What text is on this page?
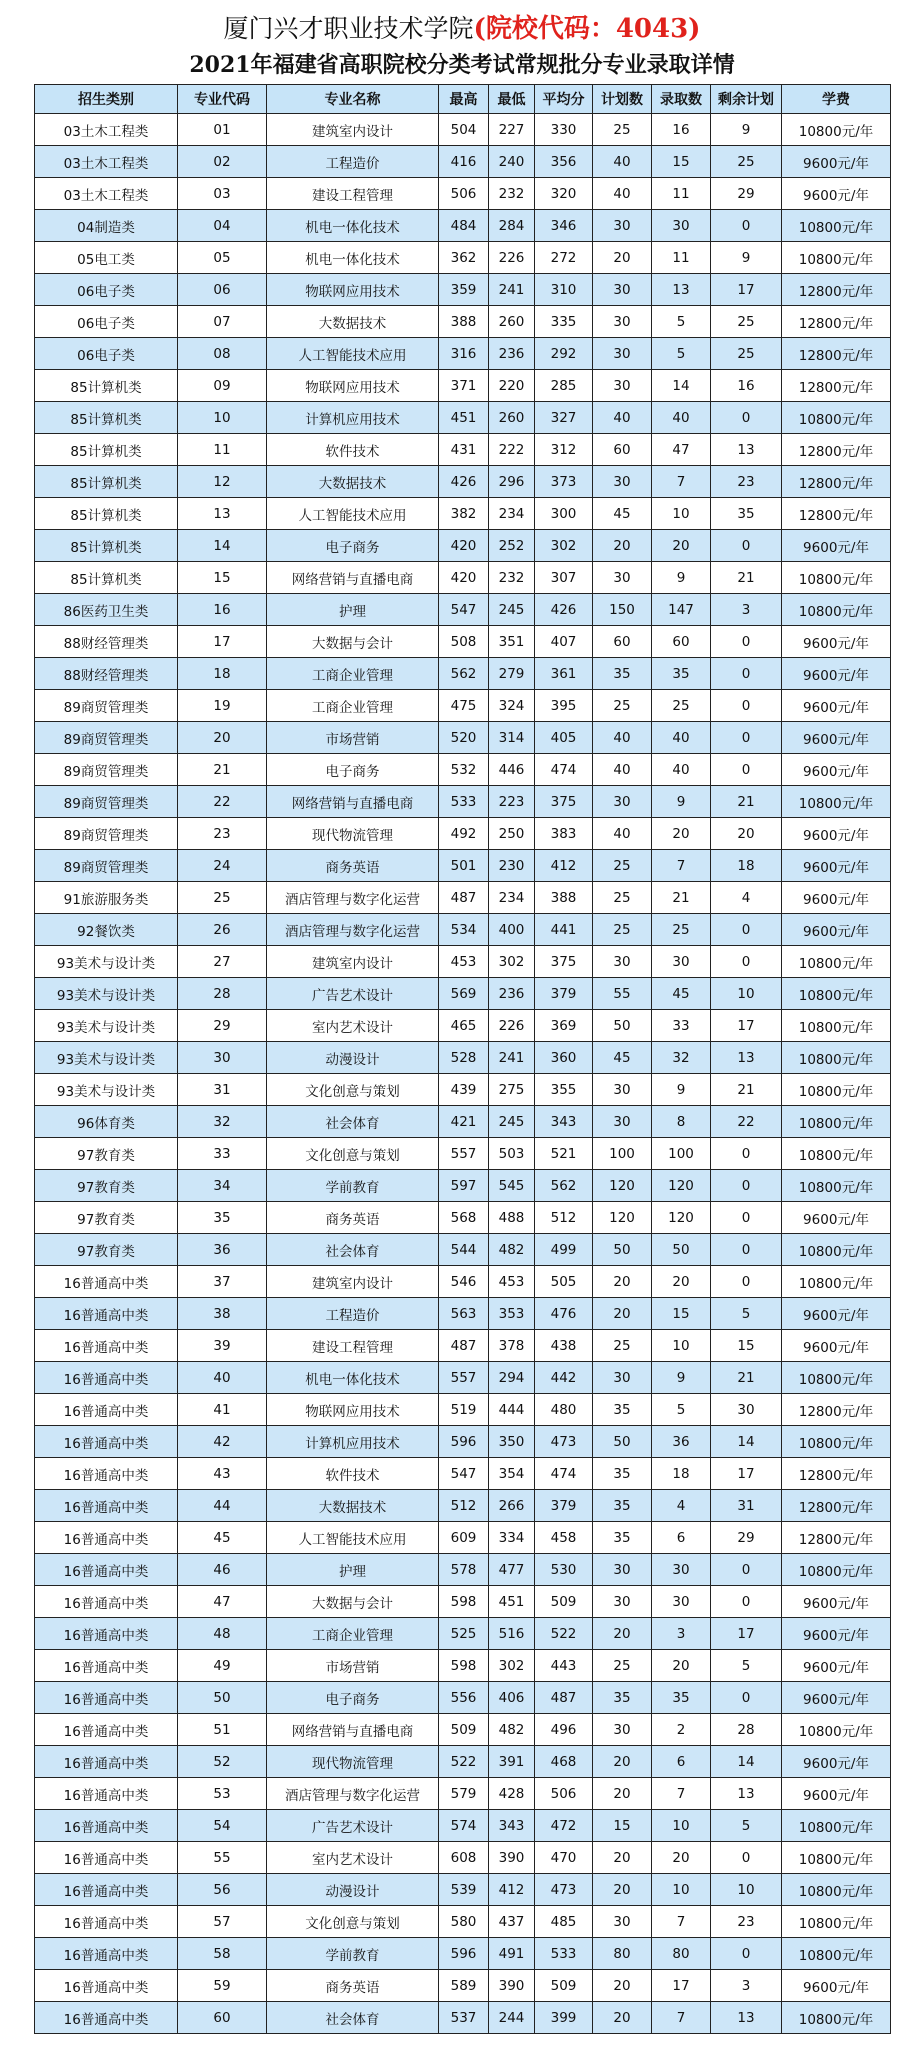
厦门兴才职业技术学院(院校代码：4043)
2021年福建省高职院校分类考试常规批分专业录取详情
招生类别	专业代码	专业名称	最高	最低	平均分	计划数	录取数	剩余计划	学费
03土木工程类	01	建筑室内设计	504	227	330	25	16	9	10800元/年
03土木工程类	02	工程造价	416	240	356	40	15	25	9600元/年
03土木工程类	03	建设工程管理	506	232	320	40	11	29	9600元/年
04制造类	04	机电一体化技术	484	284	346	30	30	0	10800元/年
05电工类	05	机电一体化技术	362	226	272	20	11	9	10800元/年
06电子类	06	物联网应用技术	359	241	310	30	13	17	12800元/年
06电子类	07	大数据技术	388	260	335	30	5	25	12800元/年
06电子类	08	人工智能技术应用	316	236	292	30	5	25	12800元/年
85计算机类	09	物联网应用技术	371	220	285	30	14	16	12800元/年
85计算机类	10	计算机应用技术	451	260	327	40	40	0	10800元/年
85计算机类	11	软件技术	431	222	312	60	47	13	12800元/年
85计算机类	12	大数据技术	426	296	373	30	7	23	12800元/年
85计算机类	13	人工智能技术应用	382	234	300	45	10	35	12800元/年
85计算机类	14	电子商务	420	252	302	20	20	0	9600元/年
85计算机类	15	网络营销与直播电商	420	232	307	30	9	21	10800元/年
86医药卫生类	16	护理	547	245	426	150	147	3	10800元/年
88财经管理类	17	大数据与会计	508	351	407	60	60	0	9600元/年
88财经管理类	18	工商企业管理	562	279	361	35	35	0	9600元/年
89商贸管理类	19	工商企业管理	475	324	395	25	25	0	9600元/年
89商贸管理类	20	市场营销	520	314	405	40	40	0	9600元/年
89商贸管理类	21	电子商务	532	446	474	40	40	0	9600元/年
89商贸管理类	22	网络营销与直播电商	533	223	375	30	9	21	10800元/年
89商贸管理类	23	现代物流管理	492	250	383	40	20	20	9600元/年
89商贸管理类	24	商务英语	501	230	412	25	7	18	9600元/年
91旅游服务类	25	酒店管理与数字化运营	487	234	388	25	21	4	9600元/年
92餐饮类	26	酒店管理与数字化运营	534	400	441	25	25	0	9600元/年
93美术与设计类	27	建筑室内设计	453	302	375	30	30	0	10800元/年
93美术与设计类	28	广告艺术设计	569	236	379	55	45	10	10800元/年
93美术与设计类	29	室内艺术设计	465	226	369	50	33	17	10800元/年
93美术与设计类	30	动漫设计	528	241	360	45	32	13	10800元/年
93美术与设计类	31	文化创意与策划	439	275	355	30	9	21	10800元/年
96体育类	32	社会体育	421	245	343	30	8	22	10800元/年
97教育类	33	文化创意与策划	557	503	521	100	100	0	10800元/年
97教育类	34	学前教育	597	545	562	120	120	0	10800元/年
97教育类	35	商务英语	568	488	512	120	120	0	9600元/年
97教育类	36	社会体育	544	482	499	50	50	0	10800元/年
16普通高中类	37	建筑室内设计	546	453	505	20	20	0	10800元/年
16普通高中类	38	工程造价	563	353	476	20	15	5	9600元/年
16普通高中类	39	建设工程管理	487	378	438	25	10	15	9600元/年
16普通高中类	40	机电一体化技术	557	294	442	30	9	21	10800元/年
16普通高中类	41	物联网应用技术	519	444	480	35	5	30	12800元/年
16普通高中类	42	计算机应用技术	596	350	473	50	36	14	10800元/年
16普通高中类	43	软件技术	547	354	474	35	18	17	12800元/年
16普通高中类	44	大数据技术	512	266	379	35	4	31	12800元/年
16普通高中类	45	人工智能技术应用	609	334	458	35	6	29	12800元/年
16普通高中类	46	护理	578	477	530	30	30	0	10800元/年
16普通高中类	47	大数据与会计	598	451	509	30	30	0	9600元/年
16普通高中类	48	工商企业管理	525	516	522	20	3	17	9600元/年
16普通高中类	49	市场营销	598	302	443	25	20	5	9600元/年
16普通高中类	50	电子商务	556	406	487	35	35	0	9600元/年
16普通高中类	51	网络营销与直播电商	509	482	496	30	2	28	10800元/年
16普通高中类	52	现代物流管理	522	391	468	20	6	14	9600元/年
16普通高中类	53	酒店管理与数字化运营	579	428	506	20	7	13	9600元/年
16普通高中类	54	广告艺术设计	574	343	472	15	10	5	10800元/年
16普通高中类	55	室内艺术设计	608	390	470	20	20	0	10800元/年
16普通高中类	56	动漫设计	539	412	473	20	10	10	10800元/年
16普通高中类	57	文化创意与策划	580	437	485	30	7	23	10800元/年
16普通高中类	58	学前教育	596	491	533	80	80	0	10800元/年
16普通高中类	59	商务英语	589	390	509	20	17	3	9600元/年
16普通高中类	60	社会体育	537	244	399	20	7	13	10800元/年
